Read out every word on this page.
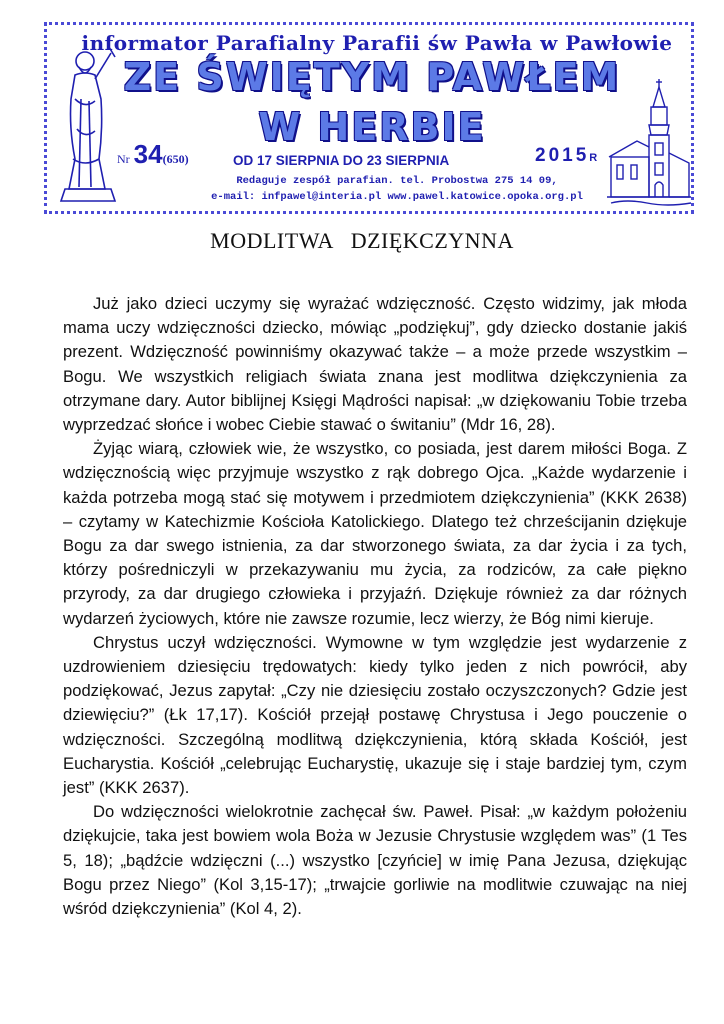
informator Parafialny Parafii św Pawła w Pawłowie
ZE ŚWIĘTYM PAWŁEM
W HERBIE
Nr 34(650)	OD 17 SIERPNIA DO 23 SIERPNIA	2015R
Redaguje zespół parafian. tel. Probostwa 275 14 09,
e-mail: infpawel@interia.pl www.pawel.katowice.opoka.org.pl
MODLITWA   DZIĘKCZYNNA

Już jako dzieci uczymy się wyrażać wdzięczność. Często widzimy, jak młoda mama uczy wdzięczności dziecko, mówiąc „podziękuj”, gdy dziecko dostanie jakiś prezent. Wdzięczność powinniśmy okazywać także – a może przede wszystkim – Bogu. We wszystkich religiach świata znana jest modlitwa dziękczynienia za otrzymane dary. Autor biblijnej Księgi Mądrości napisał: „w dziękowaniu Tobie trzeba wyprzedzać słońce i wobec Ciebie stawać o świtaniu” (Mdr 16, 28).

Żyjąc wiarą, człowiek wie, że wszystko, co posiada, jest darem miłości Boga. Z wdzięcznością więc przyjmuje wszystko z rąk dobrego Ojca. „Każde wydarzenie i każda potrzeba mogą stać się motywem i przedmiotem dziękczynienia” (KKK 2638) – czytamy w Katechizmie Kościoła Katolickiego. Dlatego też chrześcijanin dziękuje Bogu za dar swego istnienia, za dar stworzonego świata, za dar życia i za tych, którzy pośredniczyli w przekazywaniu mu życia, za rodziców, za całe piękno przyrody, za dar drugiego człowieka i przyjaźń. Dziękuje również za dar różnych wydarzeń życiowych, które nie zawsze rozumie, lecz wierzy, że Bóg nimi kieruje.

Chrystus uczył wdzięczności. Wymowne w tym względzie jest wydarzenie z uzdrowieniem dziesięciu trędowatych: kiedy tylko jeden z nich powrócił, aby podziękować, Jezus zapytał: „Czy nie dziesięciu zostało oczyszczonych? Gdzie jest dziewięciu?” (Łk 17,17). Kościół przejął postawę Chrystusa i Jego pouczenie o wdzięczności. Szczególną modlitwą dziękczynienia, którą składa Kościół, jest Eucharystia. Kościół „celebrując Eucharystię, ukazuje się i staje bardziej tym, czym jest” (KKK 2637).

Do wdzięczności wielokrotnie zachęcał św. Paweł. Pisał: „w każdym położeniu dziękujcie, taka jest bowiem wola Boża w Jezusie Chrystusie względem was” (1 Tes 5, 18); „bądźcie wdzięczni (...) wszystko [czyńcie] w imię Pana Jezusa, dziękując Bogu przez Niego” (Kol 3,15-17); „trwajcie gorliwie na modlitwie czuwając na niej wśród dziękczynienia” (Kol 4, 2).
